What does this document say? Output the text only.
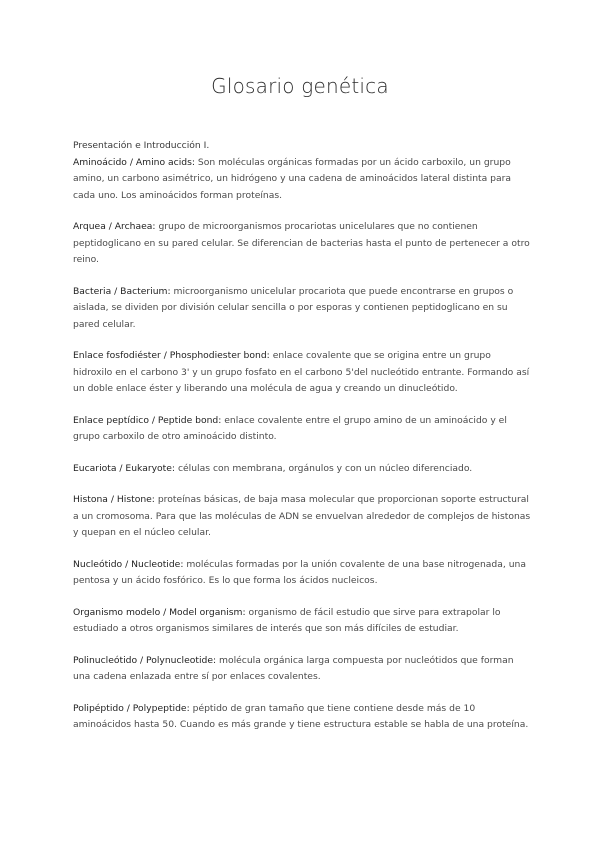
Glosario genética

Presentación e Introducción I.

Aminoácido / Amino acids: Son moléculas orgánicas formadas por un ácido carboxilo, un grupo amino, un carbono asimétrico, un hidrógeno y una cadena de aminoácidos lateral distinta para cada uno. Los aminoácidos forman proteínas.

Arquea / Archaea: grupo de microorganismos procariotas unicelulares que no contienen peptidoglicano en su pared celular. Se diferencian de bacterias hasta el punto de pertenecer a otro reino.

Bacteria / Bacterium: microorganismo unicelular procariota que puede encontrarse en grupos o aislada, se dividen por división celular sencilla o por esporas y contienen peptidoglicano en su pared celular.

Enlace fosfodiéster / Phosphodiester bond: enlace covalente que se origina entre un grupo hidroxilo en el carbono 3' y un grupo fosfato en el carbono 5'del nucleótido entrante. Formando así un doble enlace éster y liberando una molécula de agua y creando un dinucleótido.

Enlace peptídico / Peptide bond: enlace covalente entre el grupo amino de un aminoácido y el grupo carboxilo de otro aminoácido distinto.

Eucariota / Eukaryote: células con membrana, orgánulos y con un núcleo diferenciado.

Histona / Histone: proteínas básicas, de baja masa molecular que proporcionan soporte estructural a un cromosoma. Para que las moléculas de ADN se envuelvan alrededor de complejos de histonas y quepan en el núcleo celular.

Nucleótido / Nucleotide: moléculas formadas por la unión covalente de una base nitrogenada, una pentosa y un ácido fosfórico. Es lo que forma los ácidos nucleicos.

Organismo modelo / Model organism: organismo de fácil estudio que sirve para extrapolar lo estudiado a otros organismos similares de interés que son más difíciles de estudiar.

Polinucleótido / Polynucleotide: molécula orgánica larga compuesta por nucleótidos que forman una cadena enlazada entre sí por enlaces covalentes.

Polipéptido / Polypeptide: péptido de gran tamaño que tiene contiene desde más de 10 aminoácidos hasta 50. Cuando es más grande y tiene estructura estable se habla de una proteína.
